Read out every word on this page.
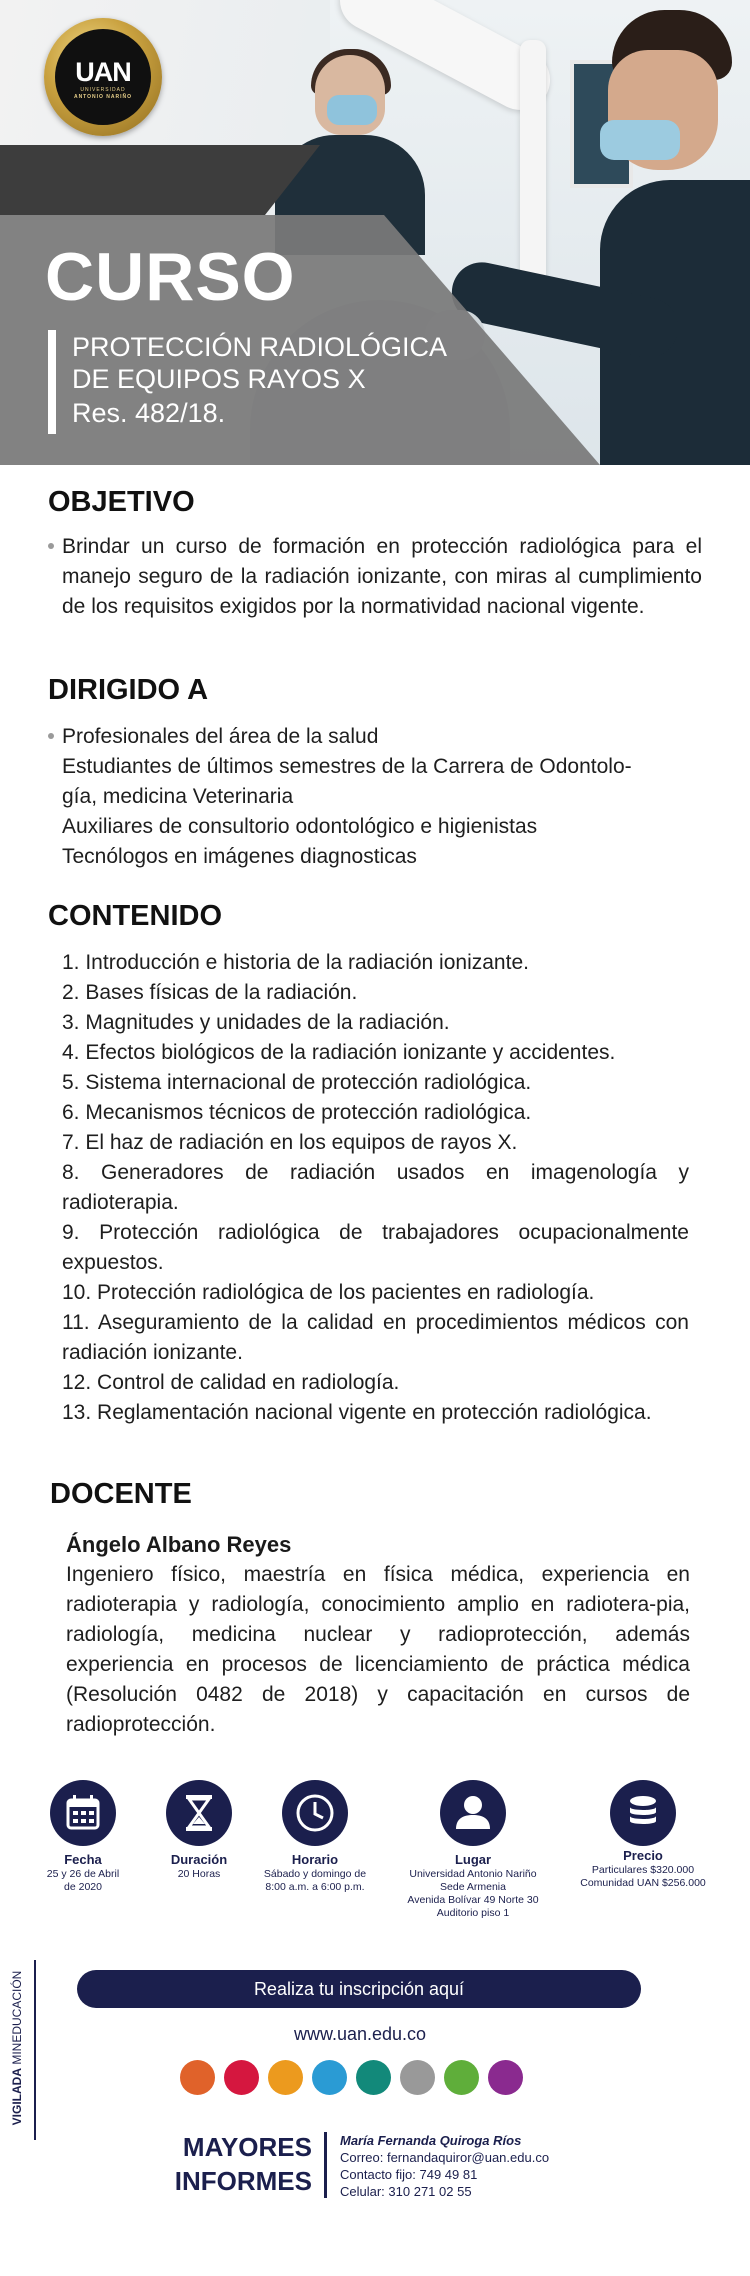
UAN
UNIVERSIDAD
ANTONIO NARIÑO
CURSO
PROTECCIÓN RADIOLÓGICA
DE EQUIPOS RAYOS X
Res. 482/18.
OBJETIVO

Brindar un curso de formación en protección radiológica para el manejo seguro de la radiación ionizante, con miras al cumplimiento de los requisitos exigidos por la normatividad nacional vigente.

DIRIGIDO A

Profesionales del área de la salud

Estudiantes de últimos semestres de la Carrera de Odontolo-

gía, medicina Veterinaria

Auxiliares de consultorio odontológico e higienistas

Tecnólogos en imágenes diagnosticas

CONTENIDO

1. Introducción e historia de la radiación ionizante.

2. Bases físicas de la radiación.

3. Magnitudes y unidades de la radiación.

4. Efectos biológicos de la radiación ionizante y accidentes.

5. Sistema internacional de protección radiológica.

6. Mecanismos técnicos de protección radiológica.

7. El haz de radiación en los equipos de rayos X.

8. Generadores de radiación usados en imagenología y radioterapia.

9. Protección radiológica de trabajadores ocupacionalmente expuestos.

10. Protección radiológica de los pacientes en radiología.

11. Aseguramiento de la calidad en procedimientos médicos con radiación ionizante.

12. Control de calidad en radiología.

13. Reglamentación nacional vigente en protección radiológica.

DOCENTE
Ángelo Albano Reyes

Ingeniero físico, maestría en física médica, experiencia en radioterapia y radiología, conocimiento amplio en radiotera-pia, radiología, medicina nuclear y radioprotección, además experiencia en procesos de licenciamiento de práctica médica (Resolución 0482 de 2018) y capacitación en cursos de radioprotección.

Fecha
25 y 26 de Abril
de 2020
Duración
20 Horas
Horario
Sábado y domingo de
8:00 a.m. a 6:00 p.m.
Lugar
Universidad Antonio Nariño
Sede Armenia
Avenida Bolívar 49 Norte 30
Auditorio piso 1
Precio
Particulares $320.000
Comunidad UAN $256.000
VIGILADA MINEDUCACIÓN	Realiza tu inscripción aquí
www.uan.edu.co
MAYORES
INFORMES
María Fernanda Quiroga Ríos
Correo: fernandaquiror@uan.edu.co
Contacto fijo: 749 49 81
Celular: 310 271 02 55
